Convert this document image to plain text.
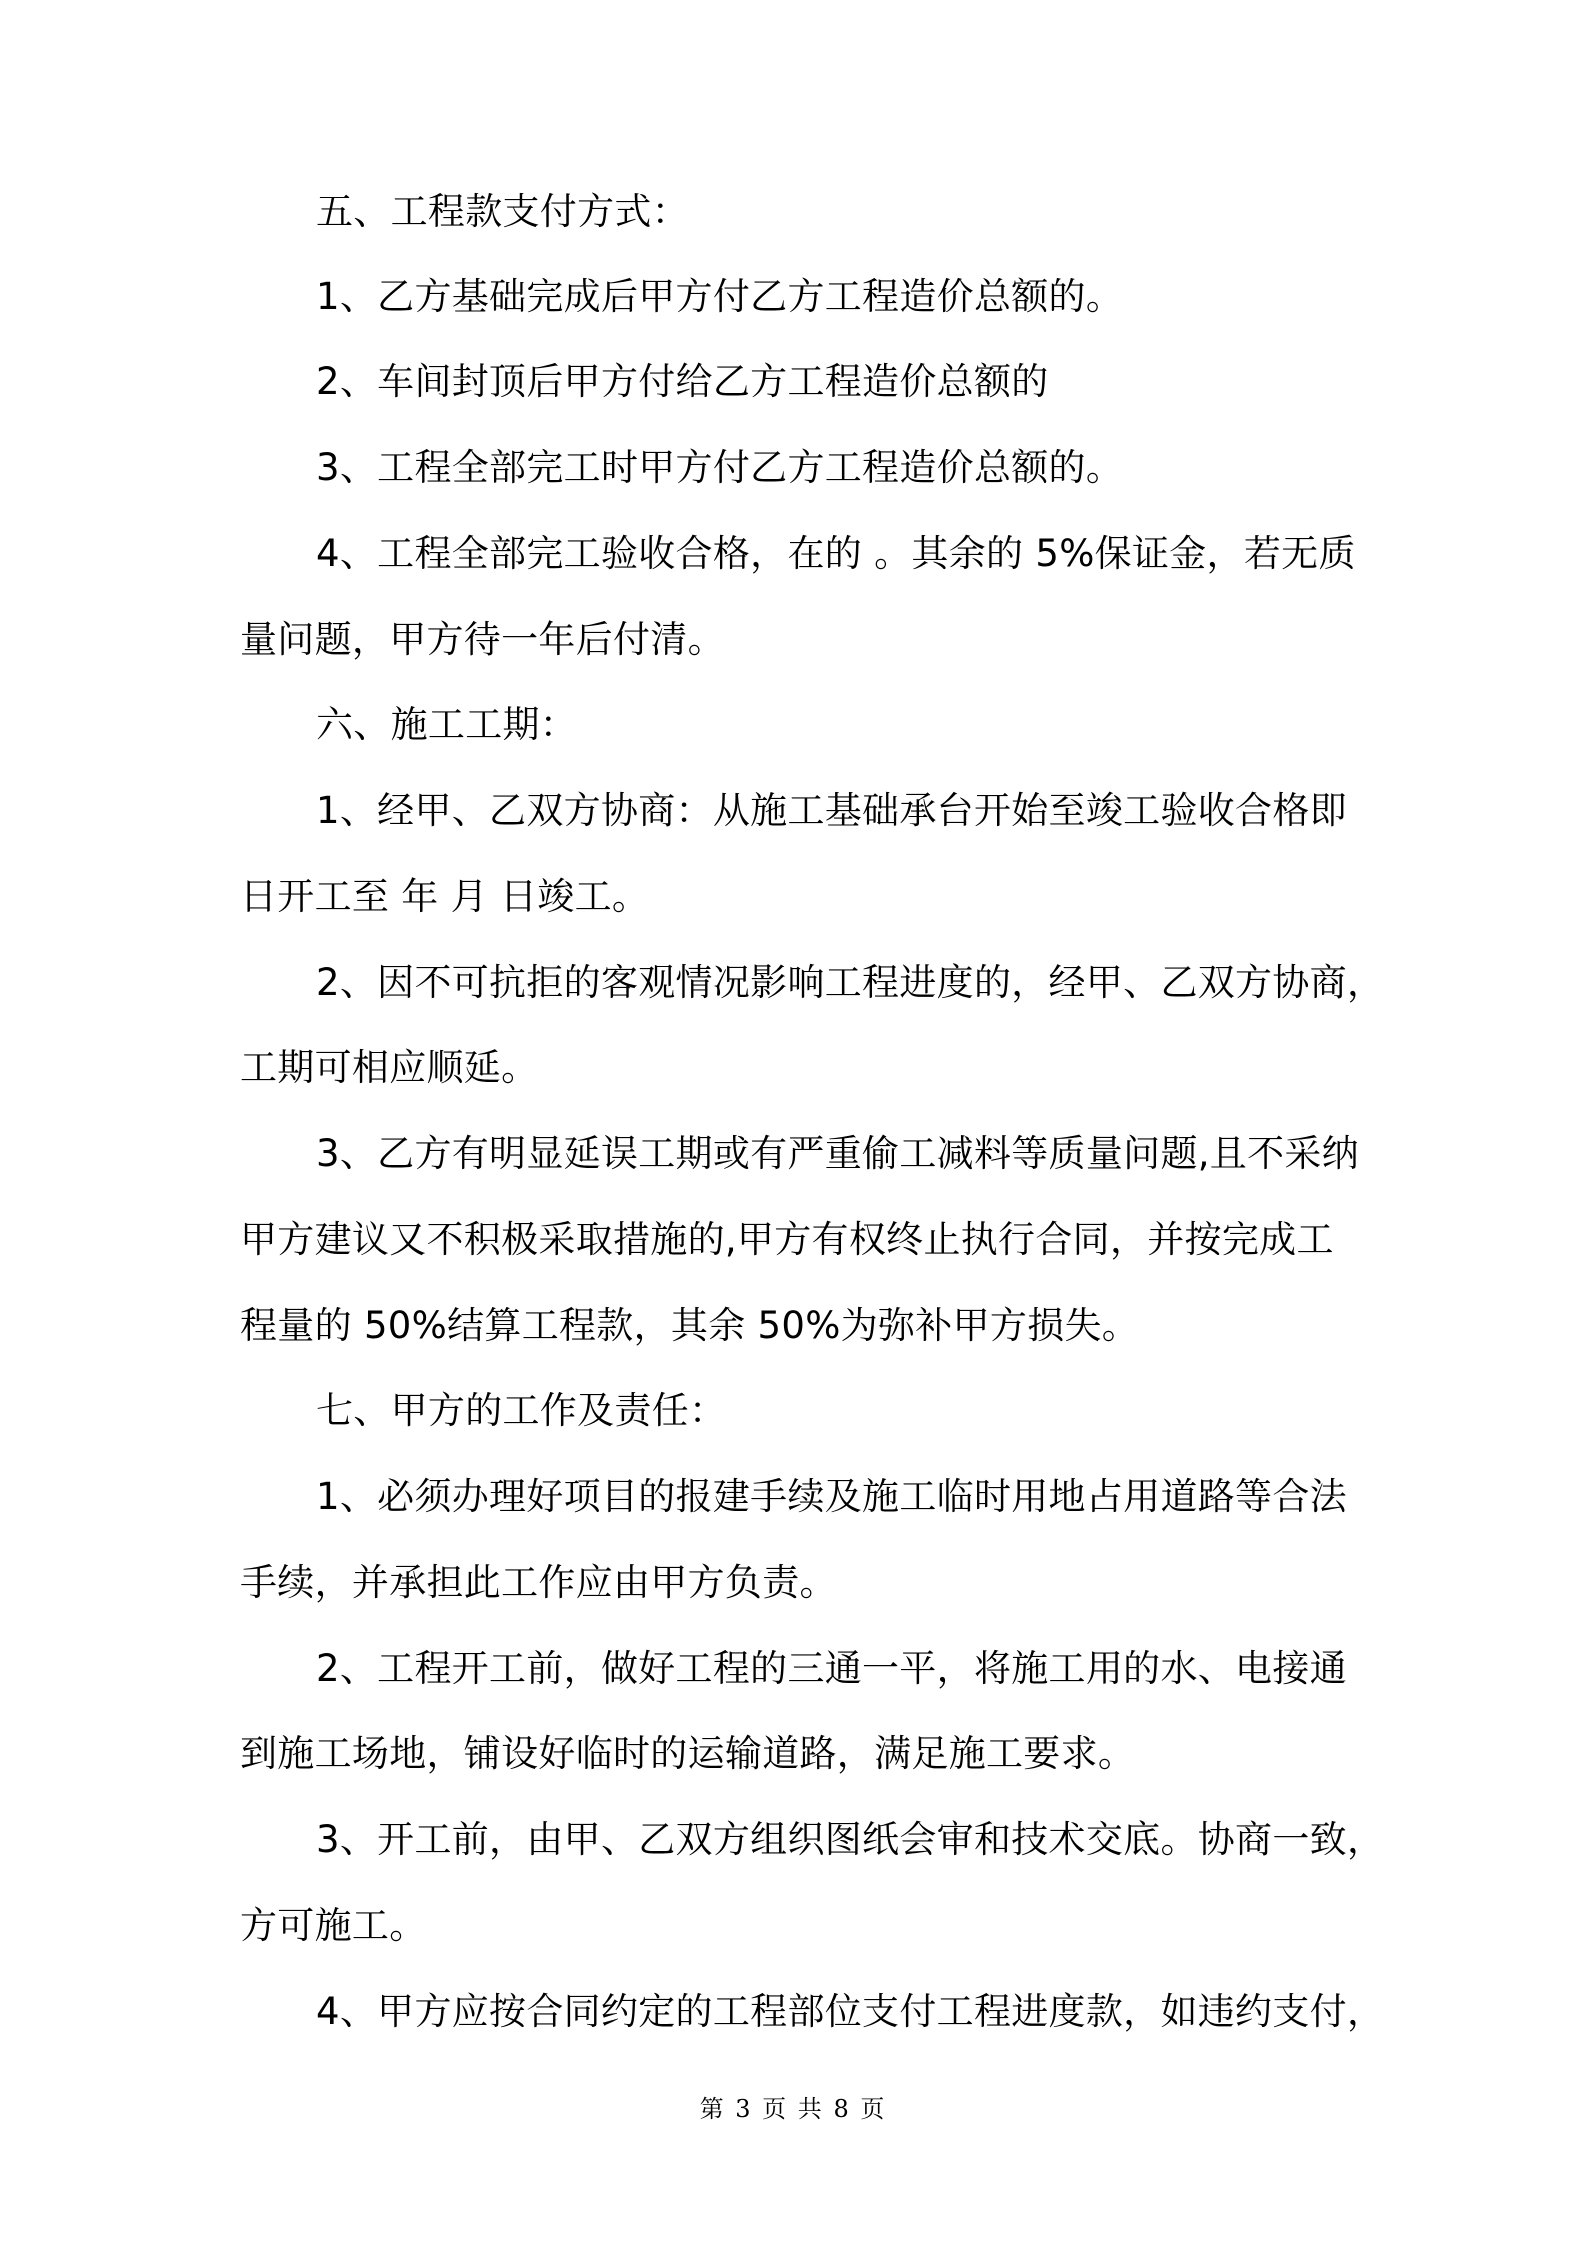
五、工程款支付方式：
1、乙方基础完成后甲方付乙方工程造价总额的。
2、车间封顶后甲方付给乙方工程造价总额的
3、工程全部完工时甲方付乙方工程造价总额的。
4、工程全部完工验收合格，在的 。其余的 5%保证金，若无质
量问题，甲方待一年后付清。
六、施工工期：
1、经甲、乙双方协商：从施工基础承台开始至竣工验收合格即
日开工至 年 月 日竣工。
2、因不可抗拒的客观情况影响工程进度的，经甲、乙双方协商，
工期可相应顺延。
3、乙方有明显延误工期或有严重偷工减料等质量问题,且不采纳
甲方建议又不积极采取措施的,甲方有权终止执行合同，并按完成工
程量的 50%结算工程款，其余 50%为弥补甲方损失。
七、甲方的工作及责任：
1、必须办理好项目的报建手续及施工临时用地占用道路等合法
手续，并承担此工作应由甲方负责。
2、工程开工前，做好工程的三通一平，将施工用的水、电接通
到施工场地，铺设好临时的运输道路，满足施工要求。
3、开工前，由甲、乙双方组织图纸会审和技术交底。协商一致，
方可施工。
4、甲方应按合同约定的工程部位支付工程进度款，如违约支付，
第 3 页 共 8 页
